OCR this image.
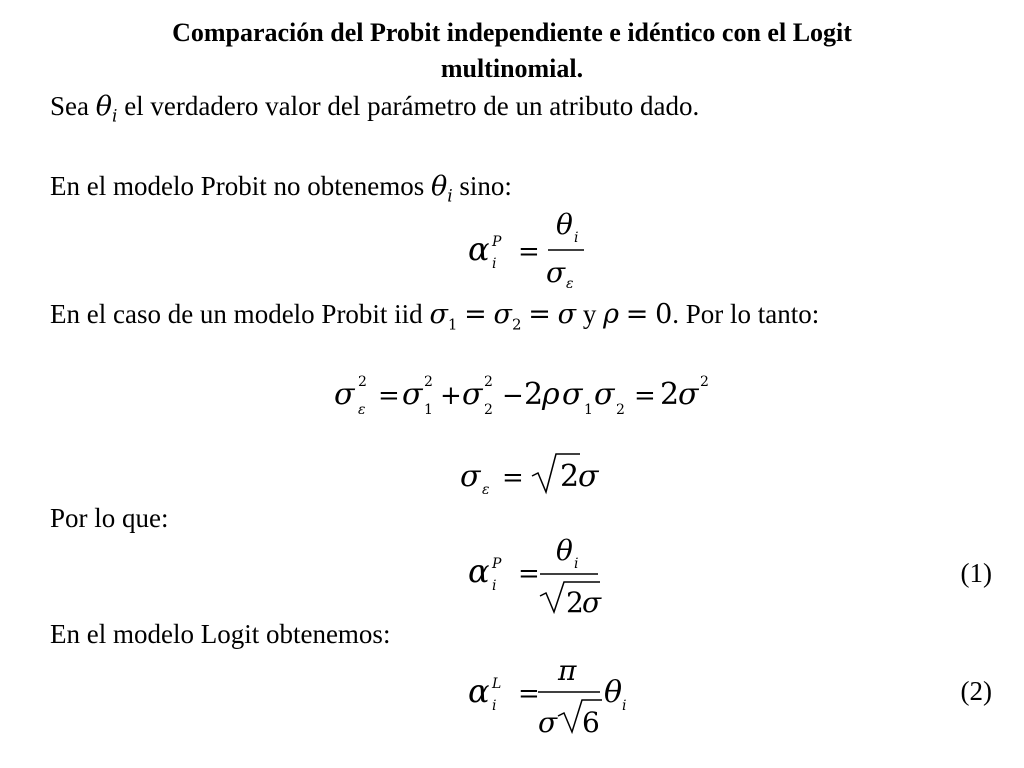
Comparación del Probit independiente e idéntico con el Logit
multinomial.
Sea $\theta_i$ el verdadero valor del parámetro de un atributo dado.
En el modelo Probit no obtenemos $\theta_i$ sino:
α P
i =
θ i
σ ε
En el caso de un modelo Probit iid $\sigma_1 = \sigma_2 = \sigma$ y ρ = 0. Por lo tanto:
σ 2
ε = σ 2
1 + σ 2
2 − 2
ρ σ 1 σ 2 = 2
σ 2
σ ε = 2
σ
Por lo que:
α P
i =
θ i
2
σ
(1)
En el modelo Logit obtenemos:
α L
i =
π
σ 6
θ i	(2)
